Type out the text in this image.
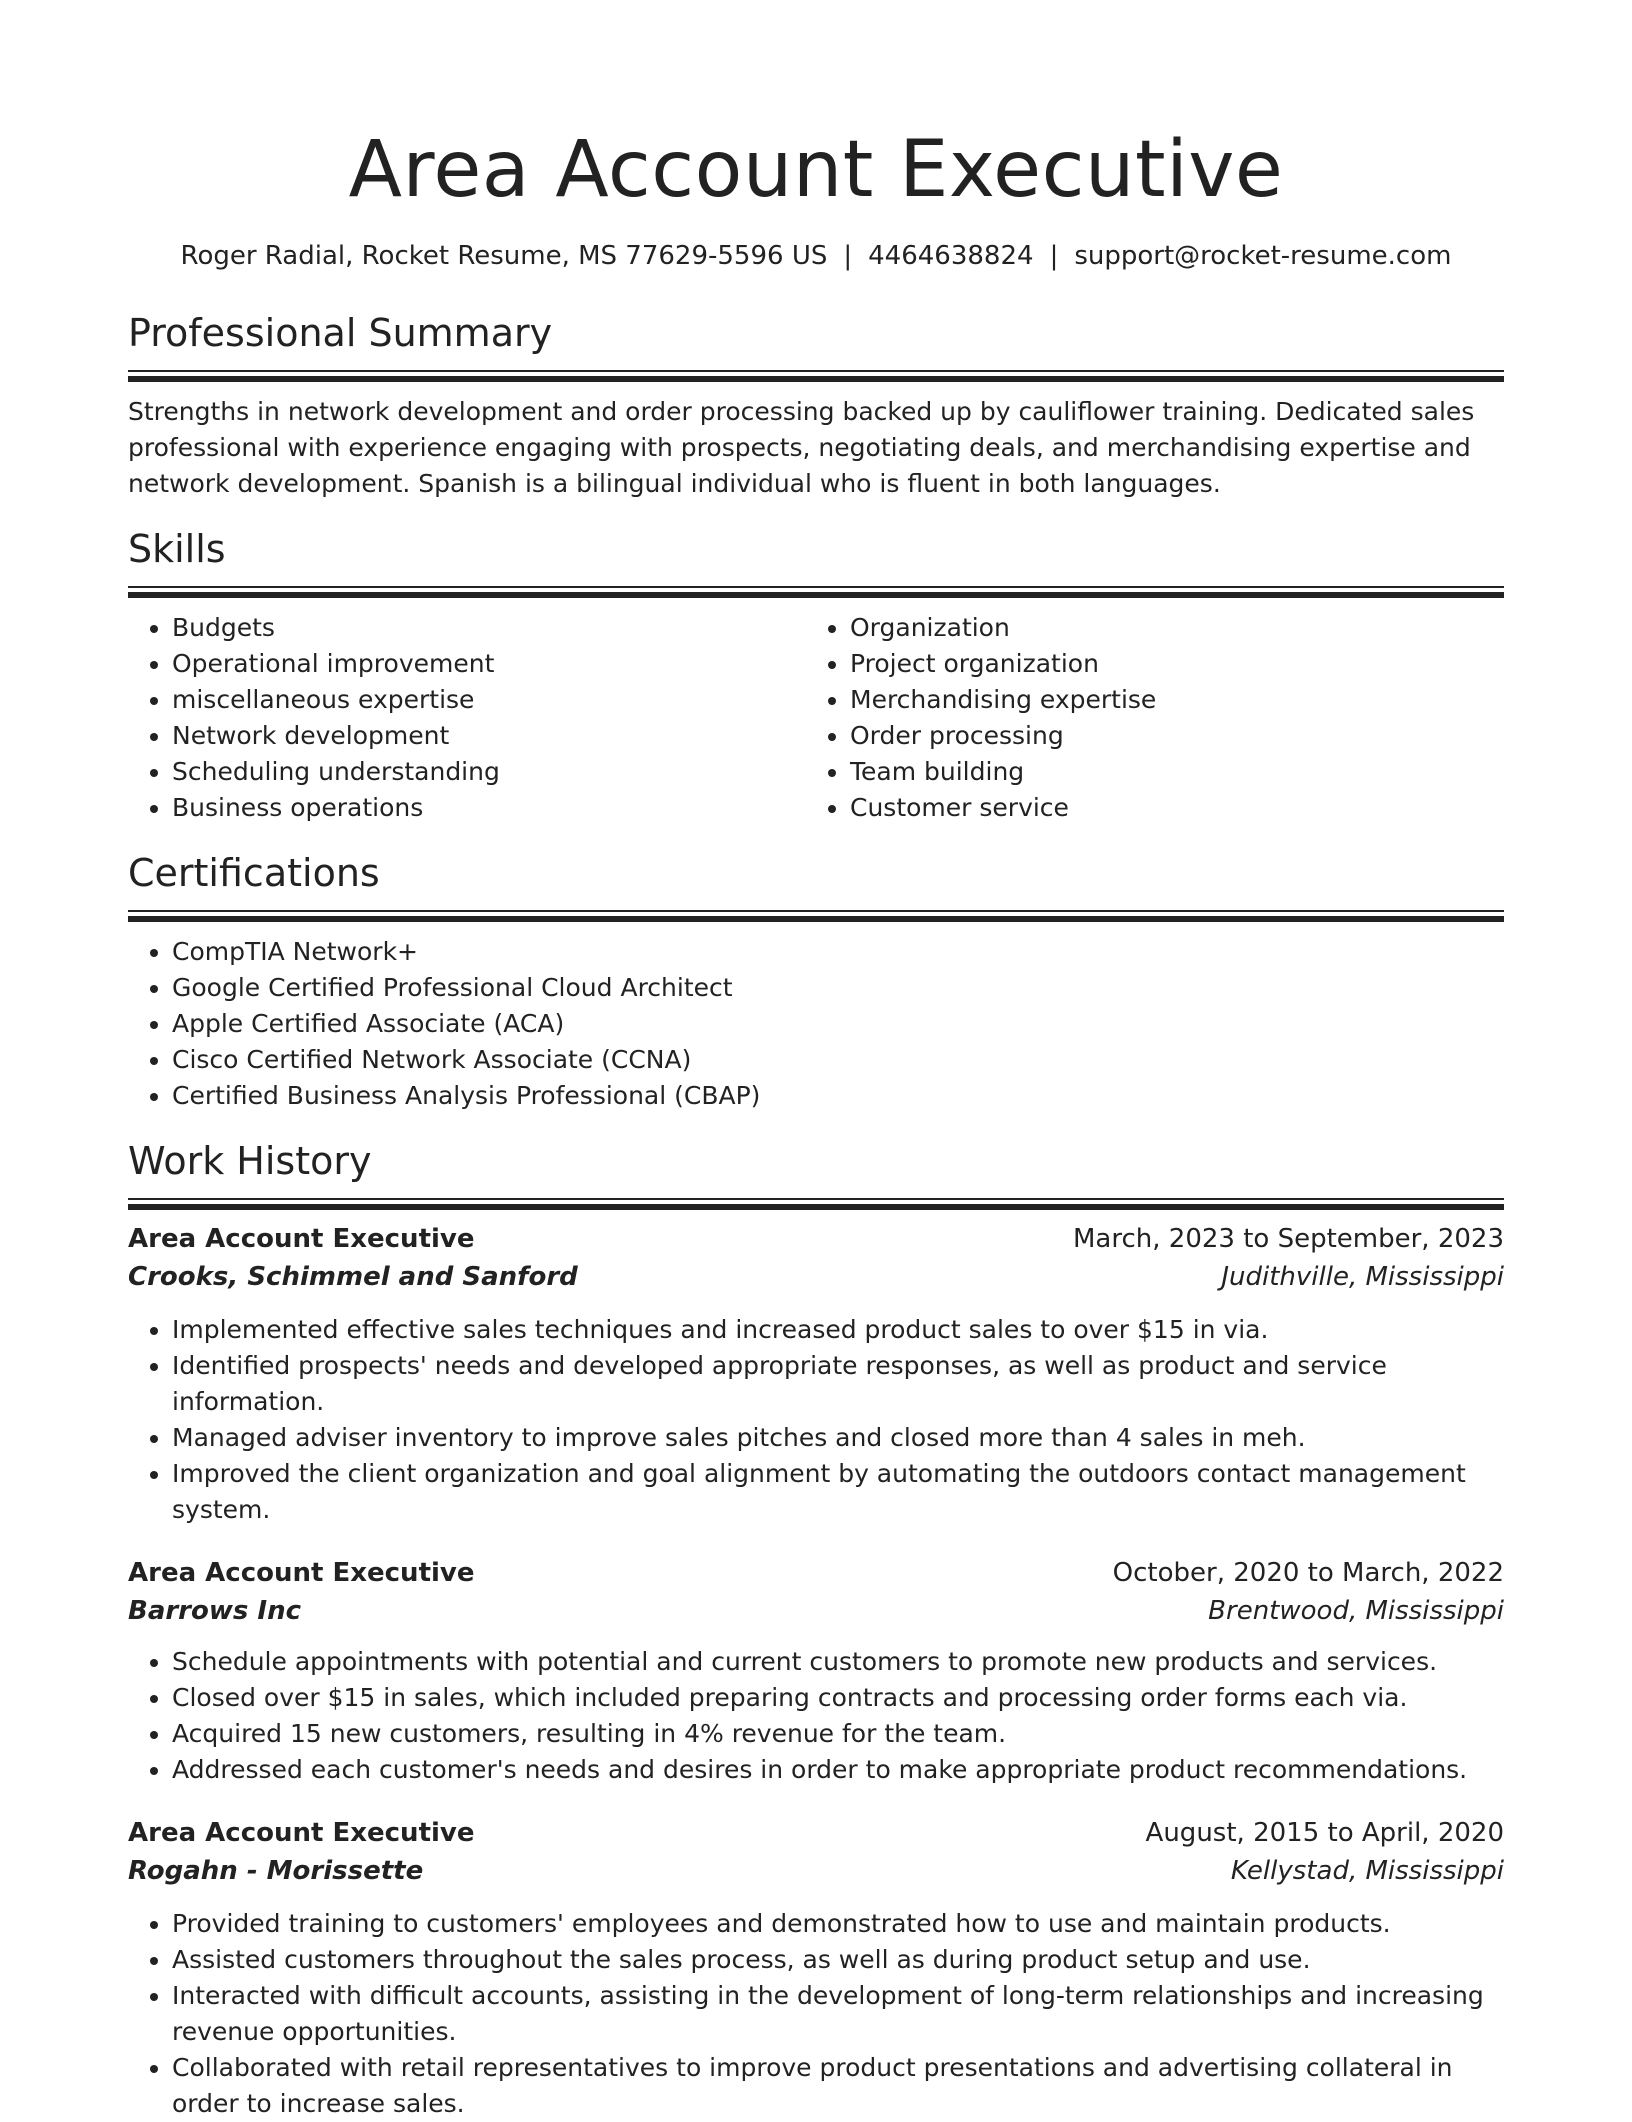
Area Account Executive
Roger Radial, Rocket Resume, MS 77629-5596 US | 4464638824 | support@rocket-resume.com
Professional Summary

Strengths in network development and order processing backed up by cauliflower training. Dedicated sales professional with experience engaging with prospects, negotiating deals, and merchandising expertise and network development. Spanish is a bilingual individual who is fluent in both languages.

Skills
• Budgets
• Operational improvement
• miscellaneous expertise
• Network development
• Scheduling understanding
• Business operations
• Organization
• Project organization
• Merchandising expertise
• Order processing
• Team building
• Customer service
Certifications
• CompTIA Network+
• Google Certified Professional Cloud Architect
• Apple Certified Associate (ACA)
• Cisco Certified Network Associate (CCNA)
• Certified Business Analysis Professional (CBAP)
Work History
Area Account Executive	March, 2023 to September, 2023
Crooks, Schimmel and Sanford	Judithville, Mississippi
• Implemented effective sales techniques and increased product sales to over $15 in via.
• Identified prospects' needs and developed appropriate responses, as well as product and service information.
• Managed adviser inventory to improve sales pitches and closed more than 4 sales in meh.
• Improved the client organization and goal alignment by automating the outdoors contact management system.
Area Account Executive	October, 2020 to March, 2022
Barrows Inc	Brentwood, Mississippi
• Schedule appointments with potential and current customers to promote new products and services.
• Closed over $15 in sales, which included preparing contracts and processing order forms each via.
• Acquired 15 new customers, resulting in 4% revenue for the team.
• Addressed each customer's needs and desires in order to make appropriate product recommendations.
Area Account Executive	August, 2015 to April, 2020
Rogahn - Morissette	Kellystad, Mississippi
• Provided training to customers' employees and demonstrated how to use and maintain products.
• Assisted customers throughout the sales process, as well as during product setup and use.
• Interacted with difficult accounts, assisting in the development of long-term relationships and increasing revenue opportunities.
• Collaborated with retail representatives to improve product presentations and advertising collateral in order to increase sales.
